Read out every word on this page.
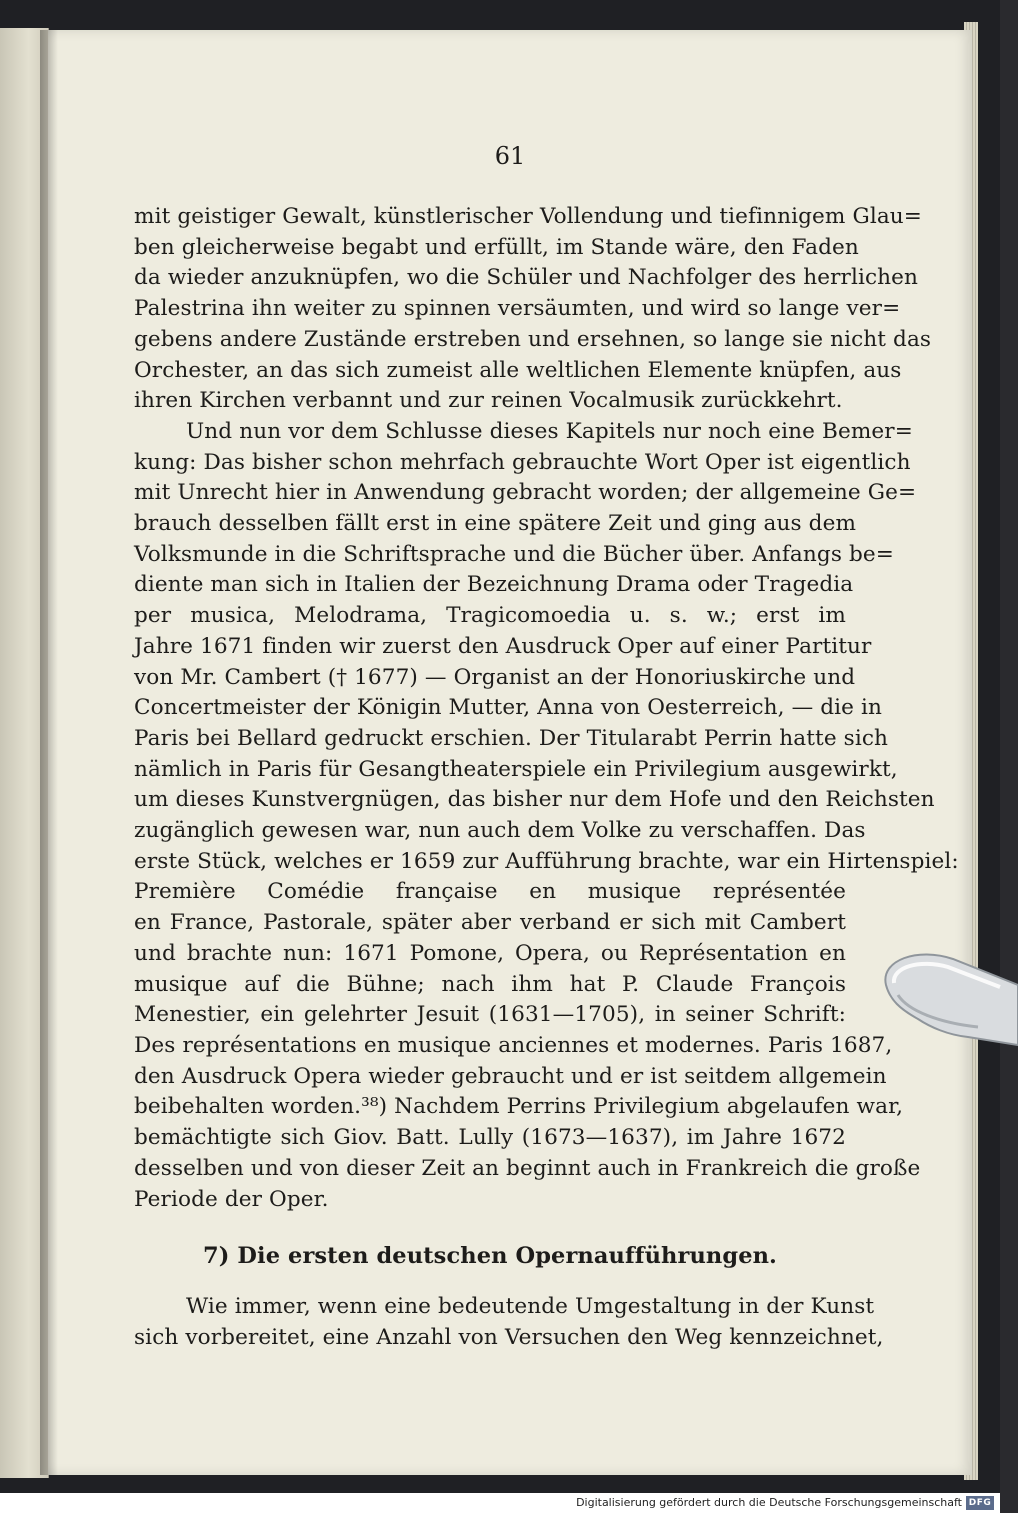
61
mit geistiger Gewalt, künstlerischer Vollendung und tiefinnigem Glau=
ben gleicherweise begabt und erfüllt, im Stande wäre, den Faden
da wieder anzuknüpfen, wo die Schüler und Nachfolger des herrlichen
Palestrina ihn weiter zu spinnen versäumten, und wird so lange ver=
gebens andere Zustände erstreben und ersehnen, so lange sie nicht das
Orchester, an das sich zumeist alle weltlichen Elemente knüpfen, aus
ihren Kirchen verbannt und zur reinen Vocalmusik zurückkehrt.
Und nun vor dem Schlusse dieses Kapitels nur noch eine Bemer=
kung: Das bisher schon mehrfach gebrauchte Wort Oper ist eigentlich
mit Unrecht hier in Anwendung gebracht worden; der allgemeine Ge=
brauch desselben fällt erst in eine spätere Zeit und ging aus dem
Volksmunde in die Schriftsprache und die Bücher über. Anfangs be=
diente man sich in Italien der Bezeichnung Drama oder Tragedia
per musica, Melodrama, Tragicomoedia u. s. w.; erst im
Jahre 1671 finden wir zuerst den Ausdruck Oper auf einer Partitur
von Mr. Cambert († 1677) — Organist an der Honoriuskirche und
Concertmeister der Königin Mutter, Anna von Oesterreich, — die in
Paris bei Bellard gedruckt erschien. Der Titularabt Perrin hatte sich
nämlich in Paris für Gesangtheaterspiele ein Privilegium ausgewirkt,
um dieses Kunstvergnügen, das bisher nur dem Hofe und den Reichsten
zugänglich gewesen war, nun auch dem Volke zu verschaffen. Das
erste Stück, welches er 1659 zur Aufführung brachte, war ein Hirtenspiel:
Première Comédie française en musique représentée
en France, Pastorale, später aber verband er sich mit Cambert
und brachte nun: 1671 Pomone, Opera, ou Représentation en
musique auf die Bühne; nach ihm hat P. Claude François
Menestier, ein gelehrter Jesuit (1631—1705), in seiner Schrift:
Des représentations en musique anciennes et modernes. Paris 1687,
den Ausdruck Opera wieder gebraucht und er ist seitdem allgemein
beibehalten worden.³⁸) Nachdem Perrins Privilegium abgelaufen war,
bemächtigte sich Giov. Batt. Lully (1673—1637), im Jahre 1672
desselben und von dieser Zeit an beginnt auch in Frankreich die große
Periode der Oper.
7) Die ersten deutschen Opernaufführungen.
Wie immer, wenn eine bedeutende Umgestaltung in der Kunst
sich vorbereitet, eine Anzahl von Versuchen den Weg kennzeichnet,
Digitalisierung gefördert durch die Deutsche Forschungsgemeinschaft DFG
